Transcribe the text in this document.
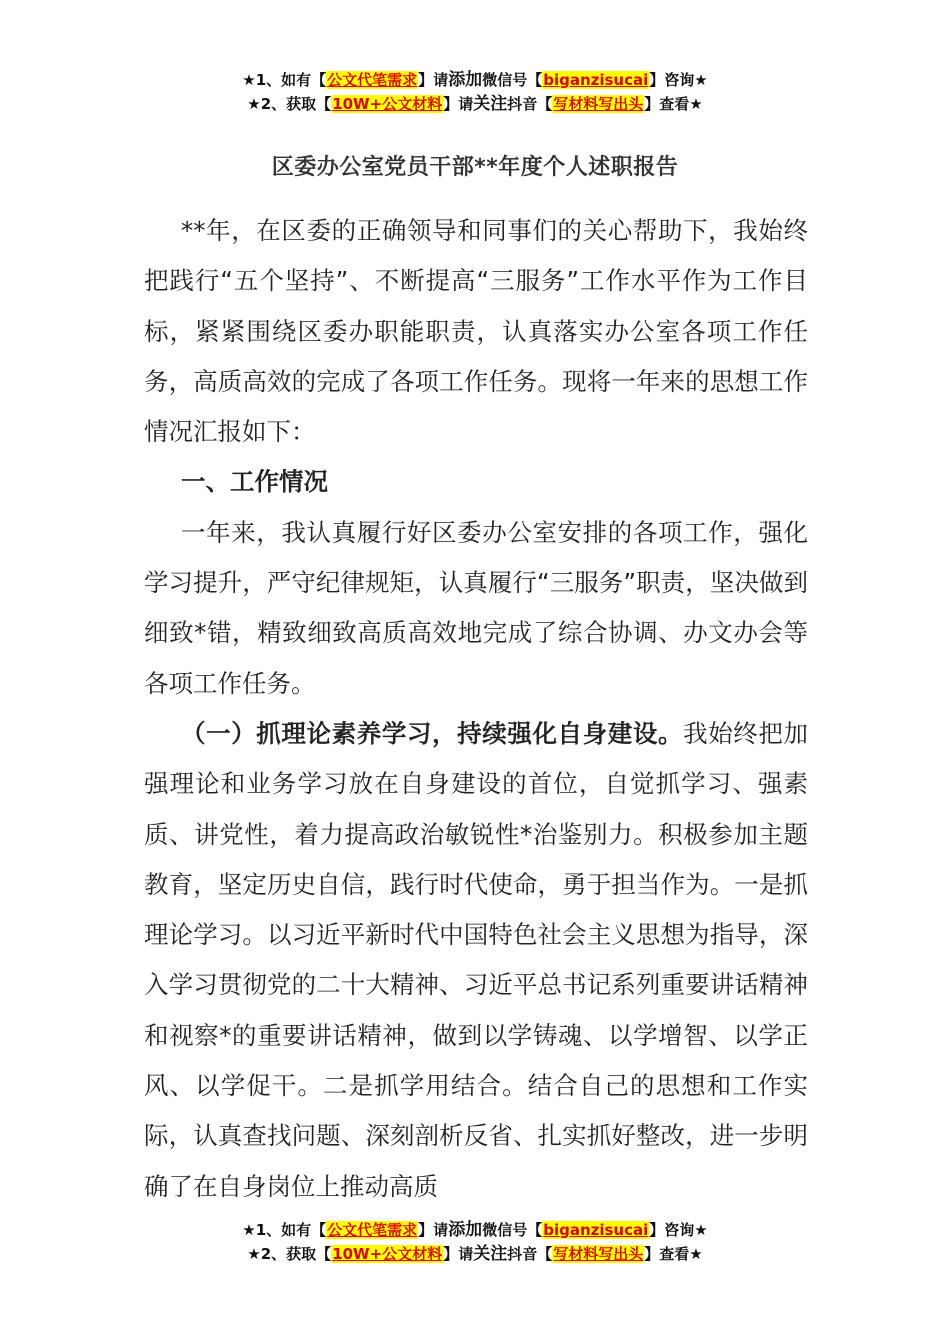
★1、如有【公文代笔需求】请添加微信号【biganzisucai】咨询★
★2、获取【10W+公文材料】请关注抖音【写材料写出头】查看★
区委办公室党员干部**年度个人述职报告

**年，在区委的正确领导和同事们的关心帮助下，我始终把践行“五个坚持”、不断提高“三服务”工作水平作为工作目标，紧紧围绕区委办职能职责，认真落实办公室各项工作任务，高质高效的完成了各项工作任务。现将一年来的思想工作情况汇报如下：

一、工作情况

一年来，我认真履行好区委办公室安排的各项工作，强化学习提升，严守纪律规矩，认真履行“三服务”职责，坚决做到细致*错，精致细致高质高效地完成了综合协调、办文办会等各项工作任务。

（一）抓理论素养学习，持续强化自身建设。我始终把加强理论和业务学习放在自身建设的首位，自觉抓学习、强素质、讲党性，着力提高政治敏锐性*治鉴别力。积极参加主题教育，坚定历史自信，践行时代使命，勇于担当作为。一是抓理论学习。以习近平新时代中国特色社会主义思想为指导，深入学习贯彻党的二十大精神、习近平总书记系列重要讲话精神和视察*的重要讲话精神，做到以学铸魂、以学增智、以学正风、以学促干。二是抓学用结合。结合自己的思想和工作实际，认真查找问题、深刻剖析反省、扎实抓好整改，进一步明确了在自身岗位上推动高质

★1、如有【公文代笔需求】请添加微信号【biganzisucai】咨询★
★2、获取【10W+公文材料】请关注抖音【写材料写出头】查看★
